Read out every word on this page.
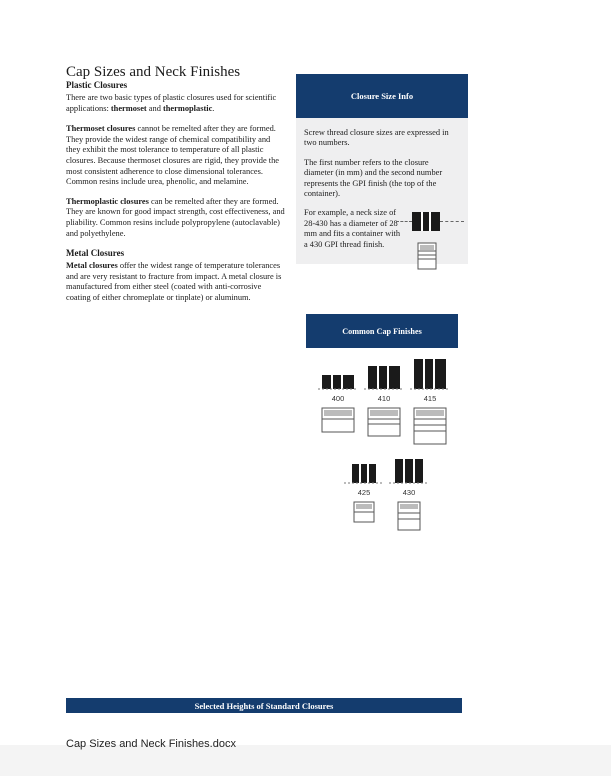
Cap Sizes and Neck Finishes
Plastic Closures
There are two basic types of plastic closures used for scientific
applications: thermoset and thermoplastic.

Thermoset closures cannot be remelted after they are formed. They provide the widest range of chemical compatibility and they exhibit the most tolerance to temperature of all plastic closures. Because thermoset closures are rigid, they provide the most consistent adherence to close dimensional tolerances. Common resins include urea, phenolic, and melamine.

Thermoplastic closures can be remelted after they are formed. They are known for good impact strength, cost effectiveness, and pliability. Common resins include polypropylene (autoclavable) and polyethylene.

Metal Closures

Metal closures offer the widest range of temperature tolerances and are very resistant to fracture from impact. A metal closure is manufactured from either steel (coated with anti-corrosive coating of either chromeplate or tinplate) or aluminum.

Closure Size Info

Screw thread closure sizes are expressed in two numbers.

The first number refers to the closure diameter (in mm) and the second number represents the GPI finish (the top of the container).

For example, a neck size of 28-430 has a diameter of 28 mm and fits a container with a 430 GPI thread finish.
Common Cap Finishes
400	410	415
425	430
Selected Heights of Standard Closures
Cap Sizes and Neck Finishes.docx
